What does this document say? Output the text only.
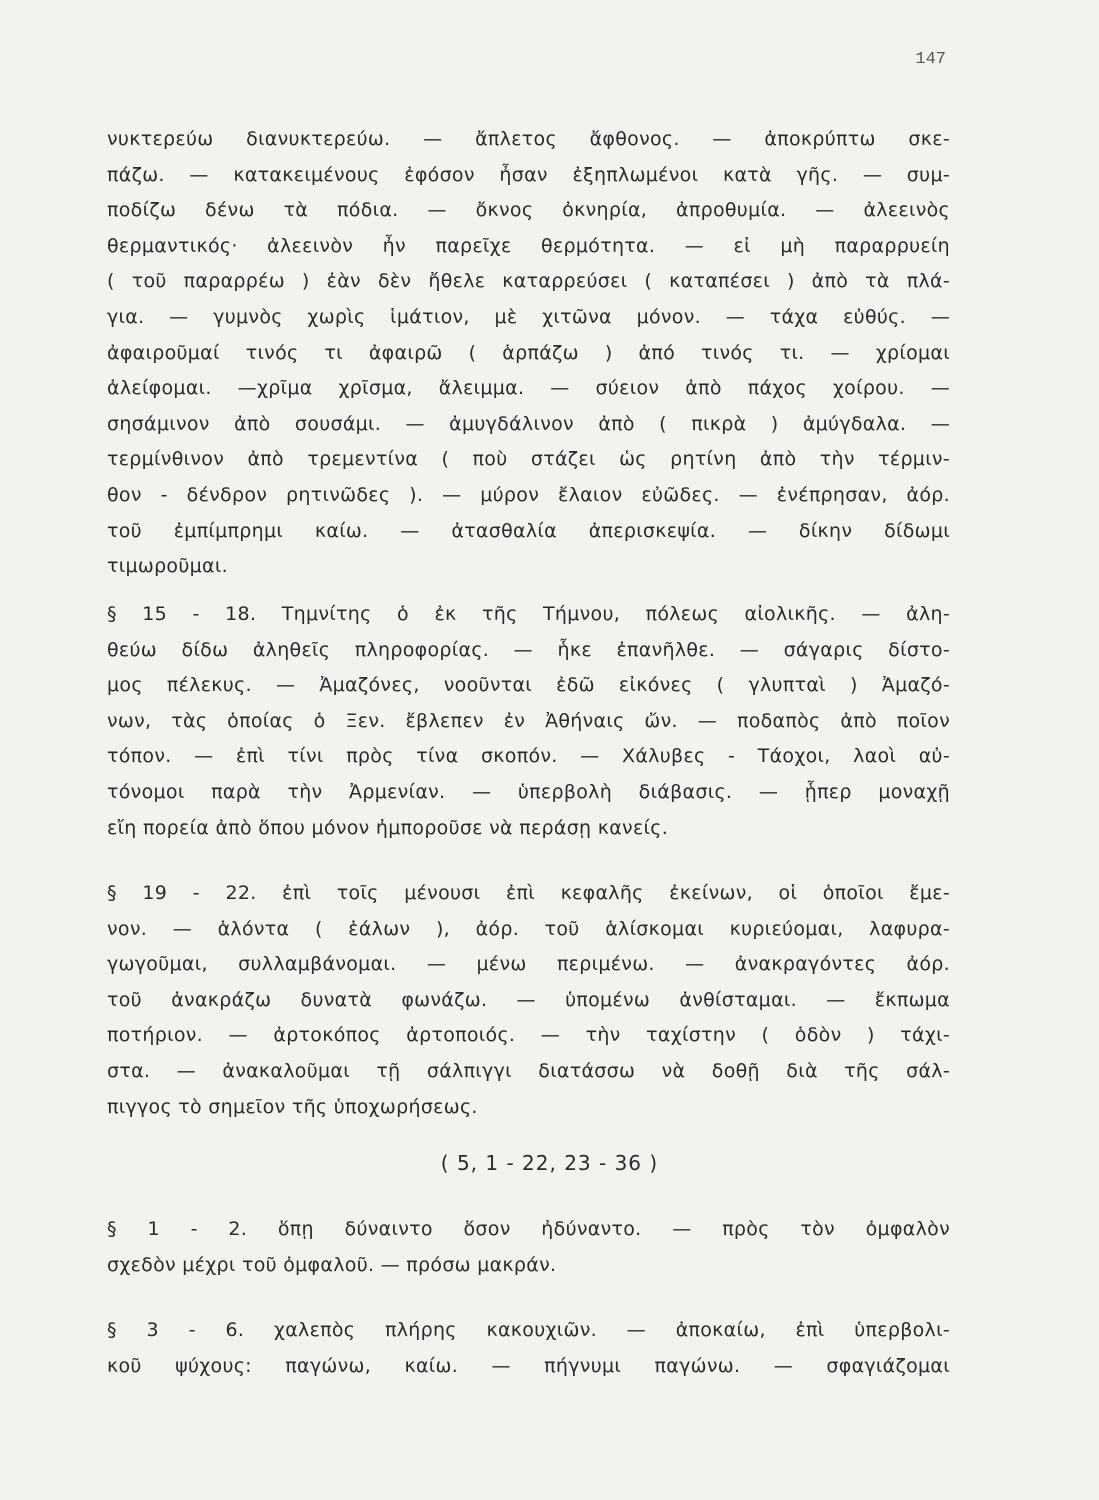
147
νυκτερεύω διανυκτερεύω. — ἄπλετος ἄφθονος. — ἀποκρύπτω σκε-
πάζω. — κατακειμένους ἐφόσον ἦσαν ἐξηπλωμένοι κατὰ γῆς. — συμ-
ποδίζω δένω τὰ πόδια. — ὄκνος ὀκνηρία, ἀπροθυμία. — ἀλεεινὸς
θερμαντικός· ἀλεεινὸν ἦν παρεῖχε θερμότητα. — εἰ μὴ παραρρυείη
( τοῦ παραρρέω ) ἐὰν δὲν ἤθελε καταρρεύσει ( καταπέσει ) ἀπὸ τὰ πλά-
για. — γυμνὸς χωρὶς ἱμάτιον, μὲ χιτῶνα μόνον. — τάχα εὐθύς. —
ἀφαιροῦμαί τινός τι ἀφαιρῶ ( ἁρπάζω ) ἀπό τινός τι. — χρίομαι
ἀλείφομαι. —χρῖμα χρῖσμα, ἄλειμμα. — σύειον ἀπὸ πάχος χοίρου. —
σησάμινον ἀπὸ σουσάμι. — ἀμυγδάλινον ἀπὸ ( πικρὰ ) ἀμύγδαλα. —
τερμίνθινον ἀπὸ τρεμεντίνα ( ποὺ στάζει ὡς ρητίνη ἀπὸ τὴν τέρμιν-
θον - δένδρον ρητινῶδες ). — μύρον ἔλαιον εὐῶδες. — ἐνέπρησαν, ἀόρ.
τοῦ ἐμπίμπρημι καίω. — ἀτασθαλία ἀπερισκεψία. — δίκην δίδωμι
τιμωροῦμαι.
§ 15 - 18. Τημνίτης ὁ ἐκ τῆς Τήμνου, πόλεως αἰολικῆς. — ἀλη-
θεύω δίδω ἀληθεῖς πληροφορίας. — ἧκε ἐπανῆλθε. — σάγαρις δίστο-
μος πέλεκυς. — Ἀμαζόνες, νοοῦνται ἐδῶ εἰκόνες ( γλυπταὶ ) Ἀμαζό-
νων, τὰς ὁποίας ὁ Ξεν. ἔβλεπεν ἐν Ἀθήναις ὤν. — ποδαπὸς ἀπὸ ποῖον
τόπον. — ἐπὶ τίνι πρὸς τίνα σκοπόν. — Χάλυβες - Τάοχοι, λαοὶ αὐ-
τόνομοι παρὰ τὴν Ἀρμενίαν. — ὑπερβολὴ διάβασις. — ᾗπερ μοναχῇ
εἴη πορεία ἀπὸ ὅπου μόνον ἠμποροῦσε νὰ περάσῃ κανείς.
§ 19 - 22. ἐπὶ τοῖς μένουσι ἐπὶ κεφαλῆς ἐκείνων, οἱ ὁποῖοι ἔμε-
νον. — ἁλόντα ( ἑάλων ), ἀόρ. τοῦ ἁλίσκομαι κυριεύομαι, λαφυρα-
γωγοῦμαι, συλλαμβάνομαι. — μένω περιμένω. — ἀνακραγόντες ἀόρ.
τοῦ ἀνακράζω δυνατὰ φωνάζω. — ὑπομένω ἀνθίσταμαι. — ἔκπωμα
ποτήριον. — ἀρτοκόπος ἀρτοποιός. — τὴν ταχίστην ( ὁδὸν ) τάχι-
στα. — ἀνακαλοῦμαι τῇ σάλπιγγι διατάσσω νὰ δοθῇ διὰ τῆς σάλ-
πιγγος τὸ σημεῖον τῆς ὑποχωρήσεως.
( 5, 1 - 22, 23 - 36 )
§ 1 - 2. ὅπῃ δύναιντο ὅσον ἠδύναντο. — πρὸς τὸν ὀμφαλὸν
σχεδὸν μέχρι τοῦ ὀμφαλοῦ. — πρόσω μακράν.
§ 3 - 6. χαλεπὸς πλήρης κακουχιῶν. — ἀποκαίω, ἐπὶ ὑπερβολι-
κοῦ ψύχους: παγώνω, καίω. — πήγνυμι παγώνω. — σφαγιάζομαι
